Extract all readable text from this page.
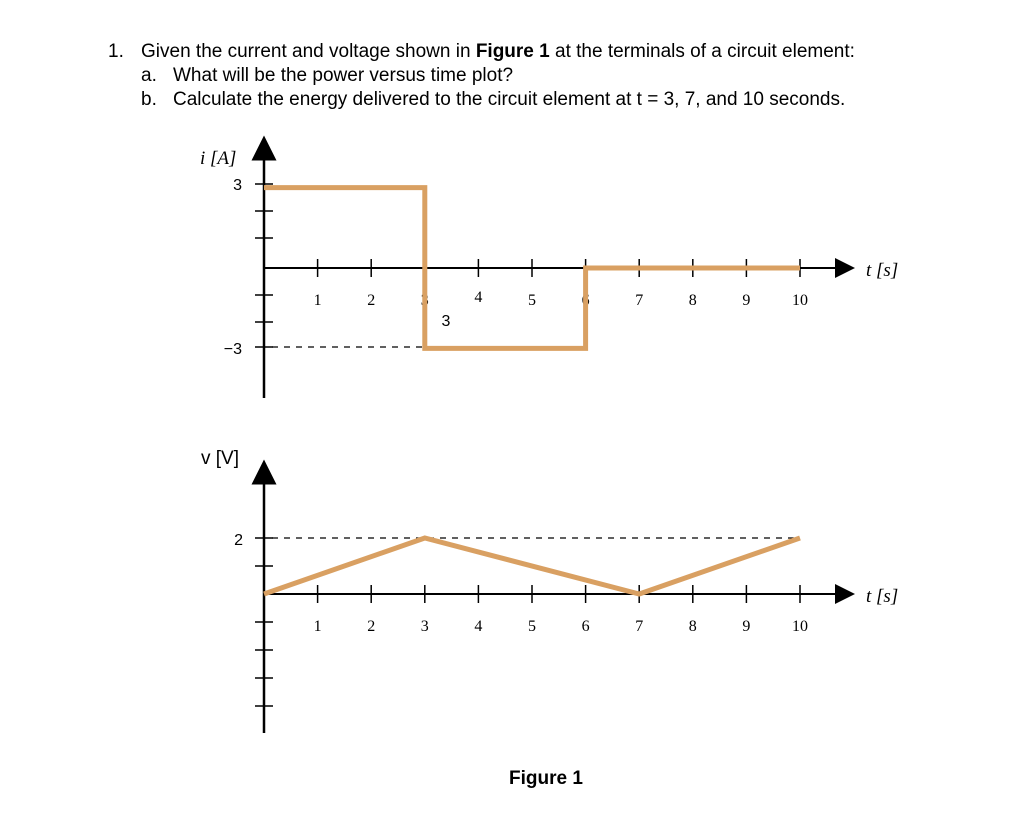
1. Given the current and voltage shown in Figure 1 at the terminals of a circuit element:
a. What will be the power versus time plot?
b. Calculate the energy delivered to the circuit element at t = 3, 7, and 10 seconds.
i [A]
t [s]
3
−3
3
1	2	3	4	5	6	7	8	9	10
v [V]
t [s]
2
1	2	3	4	5	6	7	8	9	10
Figure 1
